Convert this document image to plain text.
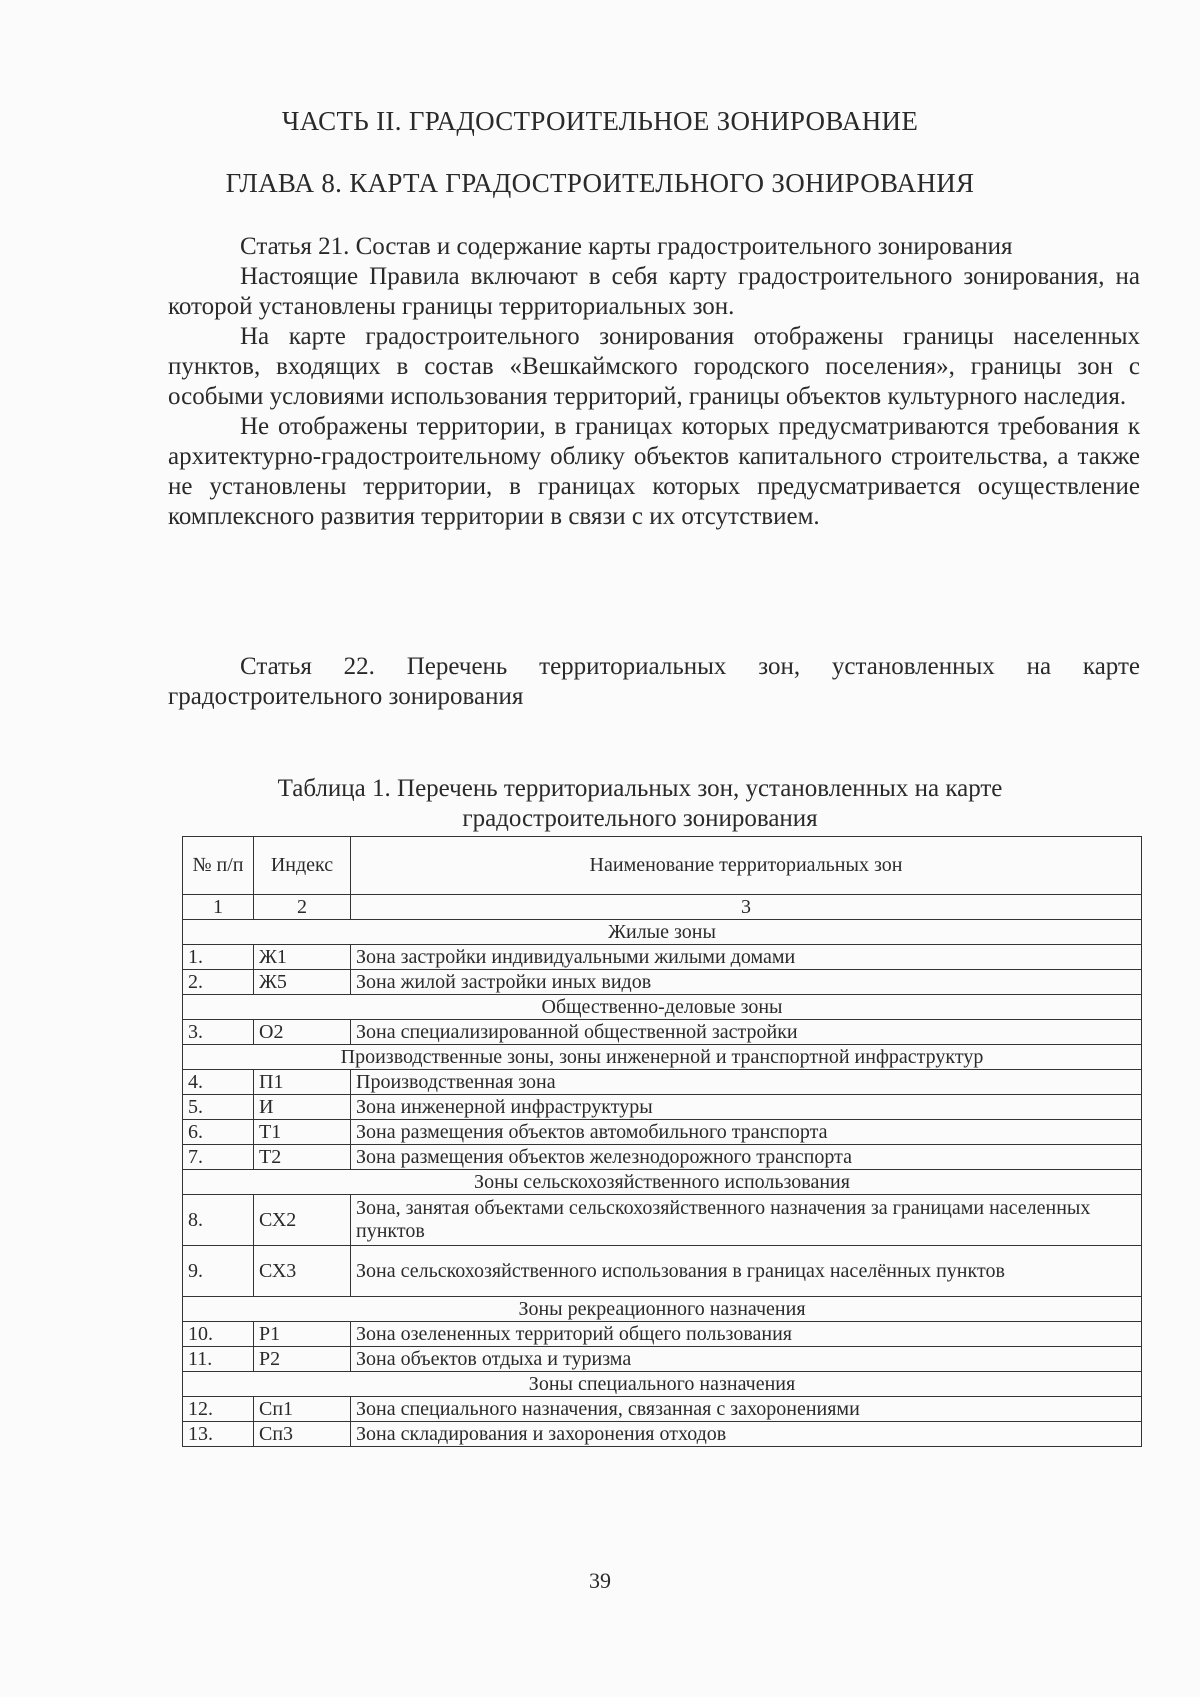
ЧАСТЬ II. ГРАДОСТРОИТЕЛЬНОЕ ЗОНИРОВАНИЕ
ГЛАВА 8. КАРТА ГРАДОСТРОИТЕЛЬНОГО ЗОНИРОВАНИЯ

Статья 21. Состав и содержание карты градостроительного зонирования

Настоящие Правила включают в себя карту градостроительного зонирования, на которой установлены границы территориальных зон.

На карте градостроительного зонирования отображены границы населенных пунктов, входящих в состав «Вешкаймского городского поселения», границы зон с особыми условиями использования территорий, границы объектов культурного наследия.

Не отображены территории, в границах которых предусматриваются требования к архитектурно-градостроительному облику объектов капитального строительства, а также не установлены территории, в границах которых предусматривается осуществление комплексного развития территории в связи с их отсутствием.

Статья 22. Перечень территориальных зон, установленных на карте градостроительного зонирования

Таблица 1. Перечень территориальных зон, установленных на карте градостроительного зонирования
№ п/п	Индекс	Наименование территориальных зон
1	2	3
Жилые зоны		
1.	Ж1	Зона застройки индивидуальными жилыми домами
2.	Ж5	Зона жилой застройки иных видов
Общественно-деловые зоны		
3.	О2	Зона специализированной общественной застройки
Производственные зоны, зоны инженерной и транспортной инфраструктур		
4.	П1	Производственная зона
5.	И	Зона инженерной инфраструктуры
6.	Т1	Зона размещения объектов автомобильного транспорта
7.	Т2	Зона размещения объектов железнодорожного транспорта
Зоны сельскохозяйственного использования		
8.	СХ2	Зона, занятая объектами сельскохозяйственного назначения за границами населенных пунктов
9.	СХ3	Зона сельскохозяйственного использования в границах населённых пунктов
Зоны рекреационного назначения		
10.	Р1	Зона озелененных территорий общего пользования
11.	Р2	Зона объектов отдыха и туризма
Зоны специального назначения		
12.	Сп1	Зона специального назначения, связанная с захоронениями
13.	Сп3	Зона складирования и захоронения отходов
39
